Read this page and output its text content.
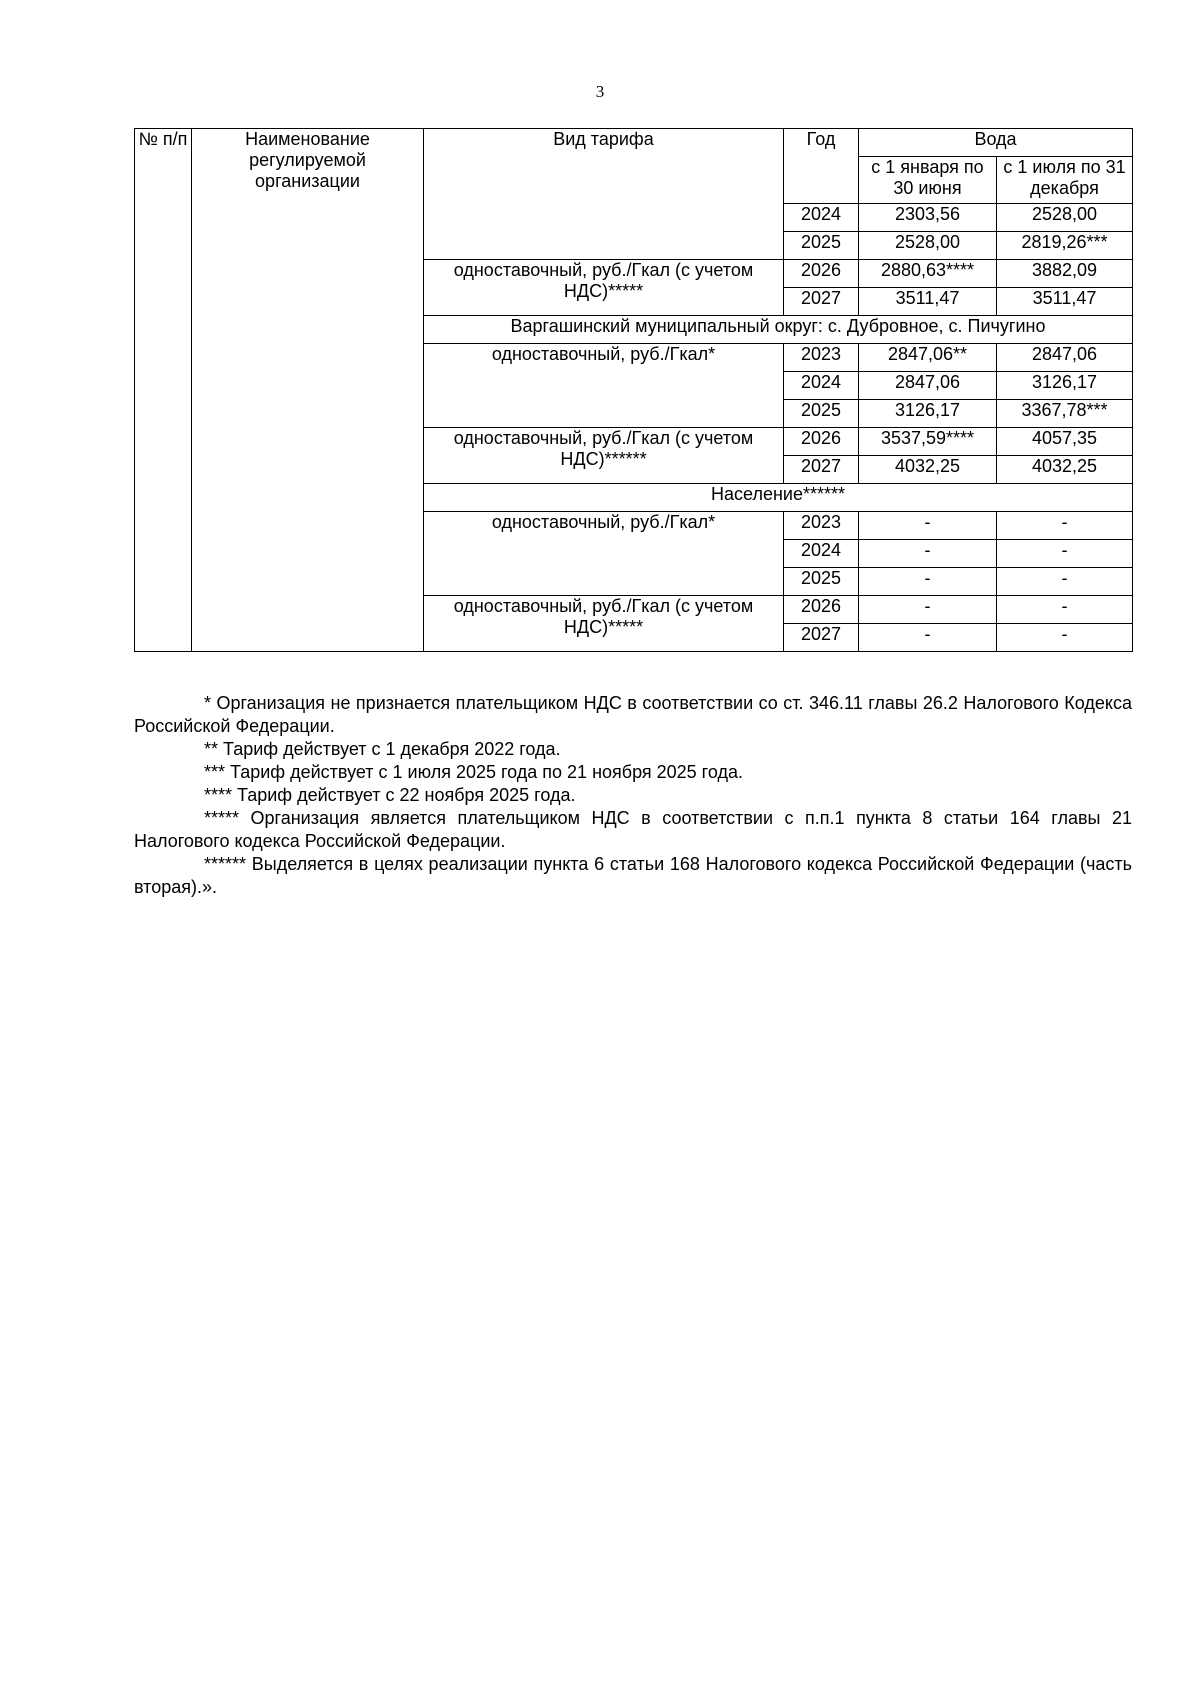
3
№ п/п	Наименование регулируемой организации	Вид тарифа	Год	Вода	
				с 1 января по 30 июня	с 1 июля по 31 декабря
			2024	2303,56	2528,00
			2025	2528,00	2819,26***
		одноставочный, руб./Гкал (с учетом НДС)*****	2026	2880,63****	3882,09
			2027	3511,47	3511,47
		Варгашинский муниципальный округ: с. Дубровное, с. Пичугино			
		одноставочный, руб./Гкал*	2023	2847,06**	2847,06
			2024	2847,06	3126,17
			2025	3126,17	3367,78***
		одноставочный, руб./Гкал (с учетом НДС)******	2026	3537,59****	4057,35
			2027	4032,25	4032,25
		Население******			
		одноставочный, руб./Гкал*	2023	-	-
			2024	-	-
			2025	-	-
		одноставочный, руб./Гкал (с учетом НДС)*****	2026	-	-
			2027	-	-

* Организация не признается плательщиком НДС в соответствии со ст. 346.11 главы 26.2 Налогового Кодекса Российской Федерации.

** Тариф действует с 1 декабря 2022 года.

*** Тариф действует с 1 июля 2025 года по 21 ноября 2025 года.

**** Тариф действует с 22 ноября 2025 года.

***** Организация является плательщиком НДС в соответствии с п.п.1 пункта 8 статьи 164 главы 21 Налогового кодекса Российской Федерации.

****** Выделяется в целях реализации пункта 6 статьи 168 Налогового кодекса Российской Федерации (часть вторая).».
